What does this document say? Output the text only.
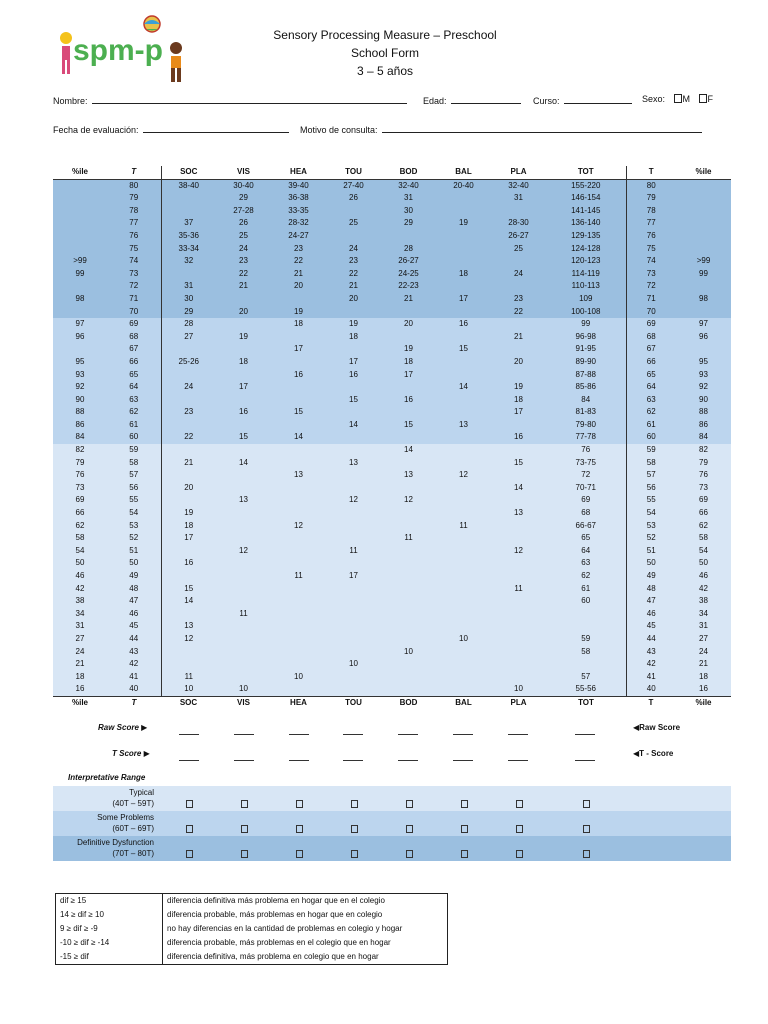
spm-p	Sensory Processing Measure – Preschool
School Form
3 – 5 años
Nombre:	Edad:	Curso:	Sexo: M F
Fecha de evaluación:	Motivo de consulta:
%ile	T	SOC	VIS	HEA	TOU	BOD	BAL	PLA	TOT	T	%ile
	80	38-40	30-40	39-40	27-40	32-40	20-40	32-40	155-220	80	
	79		29	36-38	26	31		31	146-154	79	
	78		27-28	33-35		30			141-145	78	
	77	37	26	28-32	25	29	19	28-30	136-140	77	
	76	35-36	25	24-27				26-27	129-135	76	
	75	33-34	24	23	24	28		25	124-128	75	
>99	74	32	23	22	23	26-27			120-123	74	>99
99	73		22	21	22	24-25	18	24	114-119	73	99
	72	31	21	20	21	22-23			110-113	72	
98	71	30			20	21	17	23	109	71	98
	70	29	20	19				22	100-108	70	
97	69	28		18	19	20	16		99	69	97
96	68	27	19		18			21	96-98	68	96
	67			17		19	15		91-95	67	
95	66	25-26	18		17	18		20	89-90	66	95
93	65			16	16	17			87-88	65	93
92	64	24	17				14	19	85-86	64	92
90	63				15	16		18	84	63	90
88	62	23	16	15				17	81-83	62	88
86	61				14	15	13		79-80	61	86
84	60	22	15	14				16	77-78	60	84
82	59					14			76	59	82
79	58	21	14		13			15	73-75	58	79
76	57			13		13	12		72	57	76
73	56	20						14	70-71	56	73
69	55		13		12	12			69	55	69
66	54	19						13	68	54	66
62	53	18		12			11		66-67	53	62
58	52	17				11			65	52	58
54	51		12		11			12	64	51	54
50	50	16							63	50	50
46	49			11	17				62	49	46
42	48	15						11	61	48	42
38	47	14							60	47	38
34	46		11							46	34
31	45	13								45	31
27	44	12					10		59	44	27
24	43					10			58	43	24
21	42				10					42	21
18	41	11		10					57	41	18
16	40	10	10					10	55-56	40	16
%ile	T	SOC	VIS	HEA	TOU	BOD	BAL	PLA	TOT	T	%ile
Raw Score ▶	◀Raw Score
T Score ▶	◀T - Score
Interpretative Range
Typical
(40T – 59T)
Some Problems
(60T – 69T)
Definitive Dysfunction
(70T – 80T)
dif ≥ 15	diferencia definitiva más problema en hogar que en el colegio
14 ≥ dif ≥ 10	diferencia probable, más problemas en hogar que en colegio
9 ≥ dif ≥ -9	no hay diferencias en la cantidad de problemas en colegio y hogar
-10 ≥ dif ≥ -14	diferencia probable, más problemas en el colegio que en hogar
-15 ≥ dif	diferencia definitiva, más problema en colegio que en hogar
